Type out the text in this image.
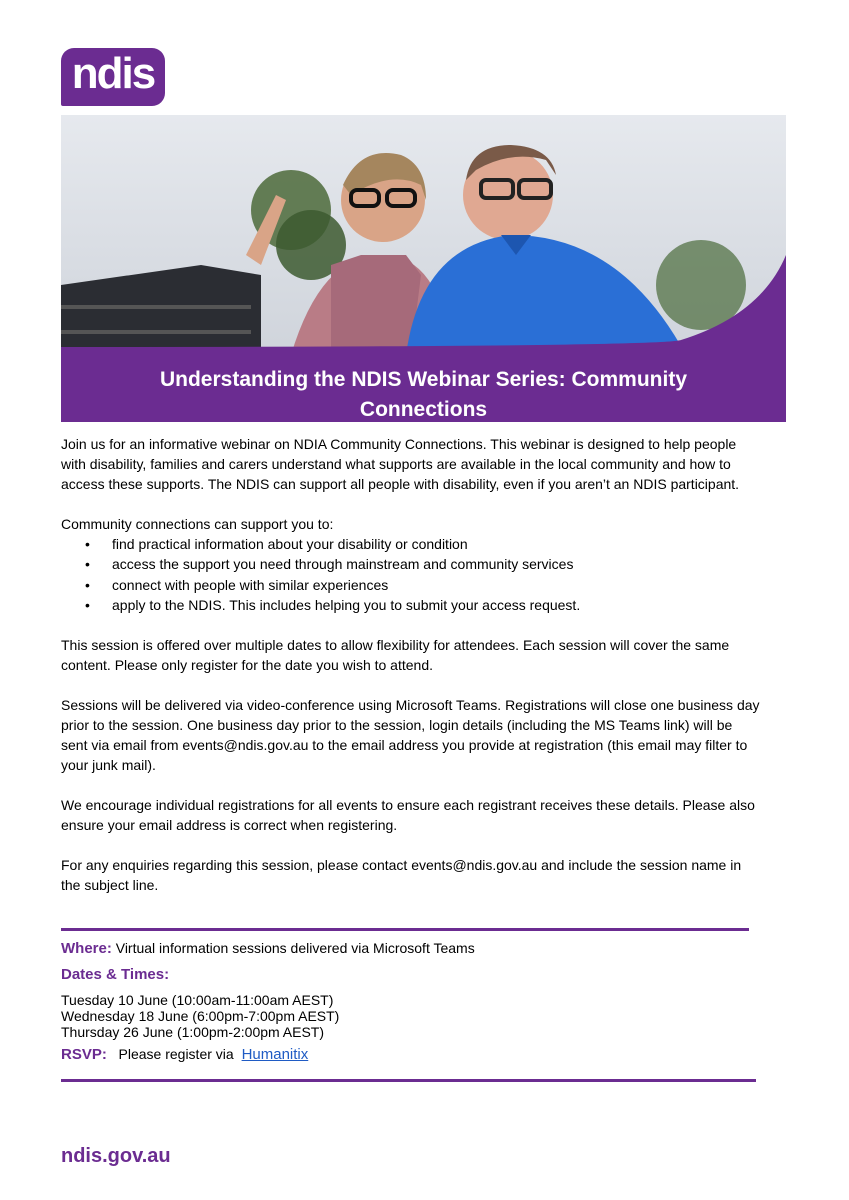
ndis
Understanding the NDIS Webinar Series: Community
Connections

Join us for an informative webinar on NDIA Community Connections. This webinar is designed to help people with disability, families and carers understand what supports are available in the local community and how to access these supports. The NDIS can support all people with disability, even if you aren’t an NDIS participant.

Community connections can support you to:

• find practical information about your disability or condition
• access the support you need through mainstream and community services
• connect with people with similar experiences
• apply to the NDIS. This includes helping you to submit your access request.

This session is offered over multiple dates to allow flexibility for attendees. Each session will cover the same content. Please only register for the date you wish to attend.

Sessions will be delivered via video-conference using Microsoft Teams. Registrations will close one business day prior to the session. One business day prior to the session, login details (including the MS Teams link) will be sent via email from events@ndis.gov.au to the email address you provide at registration (this email may filter to your junk mail).

We encourage individual registrations for all events to ensure each registrant receives these details. Please also ensure your email address is correct when registering.

For any enquiries regarding this session, please contact events@ndis.gov.au and include the session name in the subject line.

Where: Virtual information sessions delivered via Microsoft Teams
Dates & Times:
Tuesday 10 June (10:00am-11:00am AEST)
Wednesday 18 June (6:00pm-7:00pm AEST)
Thursday 26 June (1:00pm-2:00pm AEST)
RSVP:   Please register via Humanitix
ndis.gov.au
